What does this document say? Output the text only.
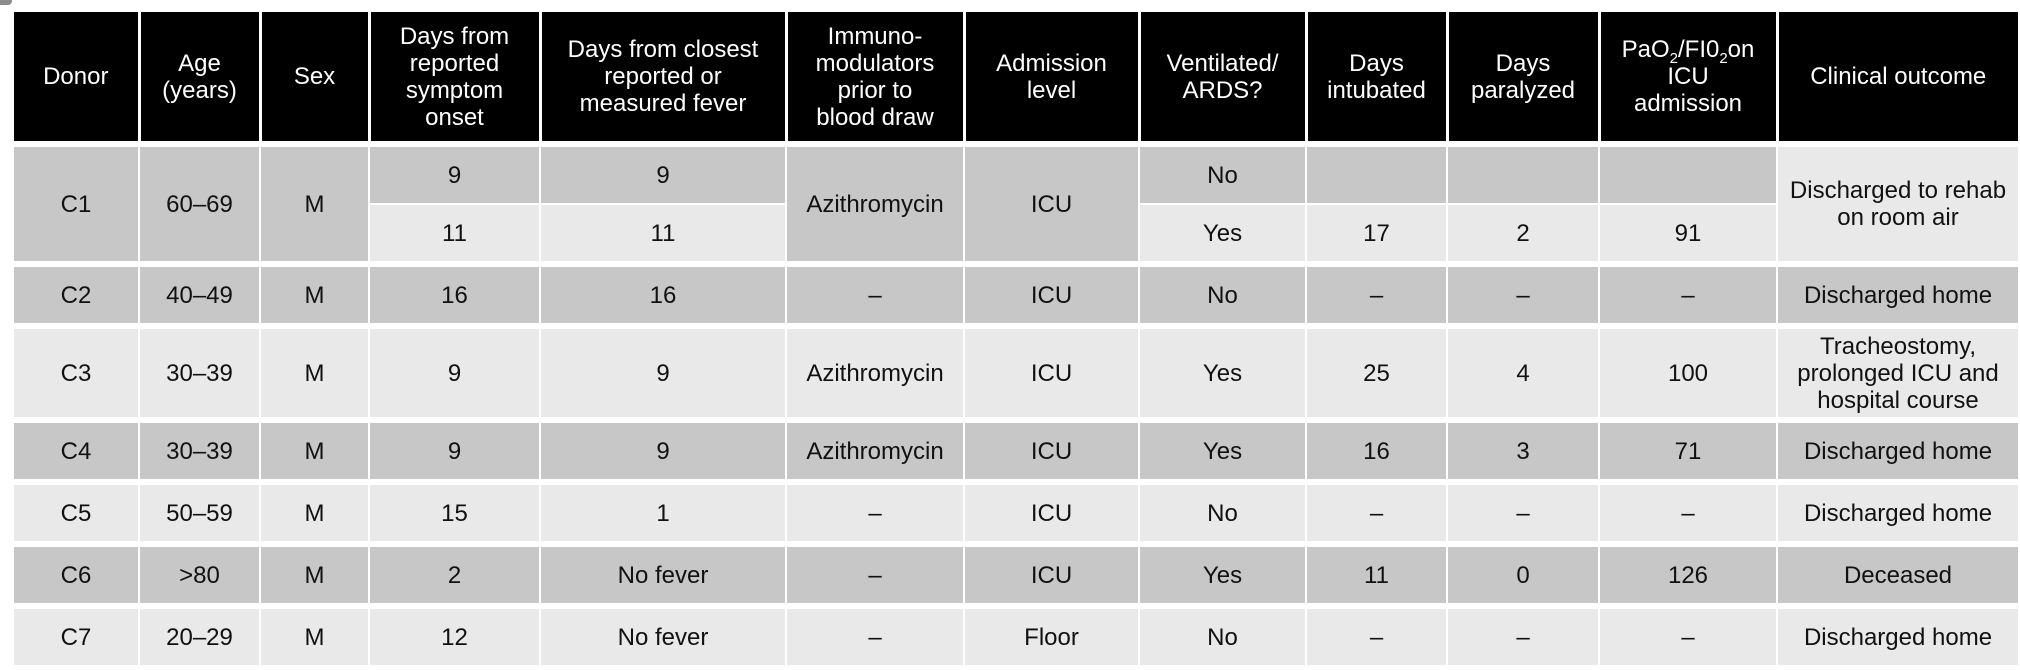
Donor	Age
(years)	Sex	Days from
reported
symptom
onset	Days from closest
reported or
measured fever	Immuno-
modulators
prior to
blood draw	Admission
level	Ventilated/
ARDS?	Days
intubated	Days
paralyzed	$PaO_2/FI0_2on$
ICU
admission	Clinical outcome
C1	60–69	M	9	9	Azithromycin	ICU	No				Discharged to rehab
on room air
			11	11			Yes	17	2	91	
C2	40–49	M	16	16	–	ICU	No	–	–	–	Discharged home
C3	30–39	M	9	9	Azithromycin	ICU	Yes	25	4	100	Tracheostomy,
prolonged ICU and
hospital course
C4	30–39	M	9	9	Azithromycin	ICU	Yes	16	3	71	Discharged home
C5	50–59	M	15	1	–	ICU	No	–	–	–	Discharged home
C6	>80	M	2	No fever	–	ICU	Yes	11	0	126	Deceased
C7	20–29	M	12	No fever	–	Floor	No	–	–	–	Discharged home
